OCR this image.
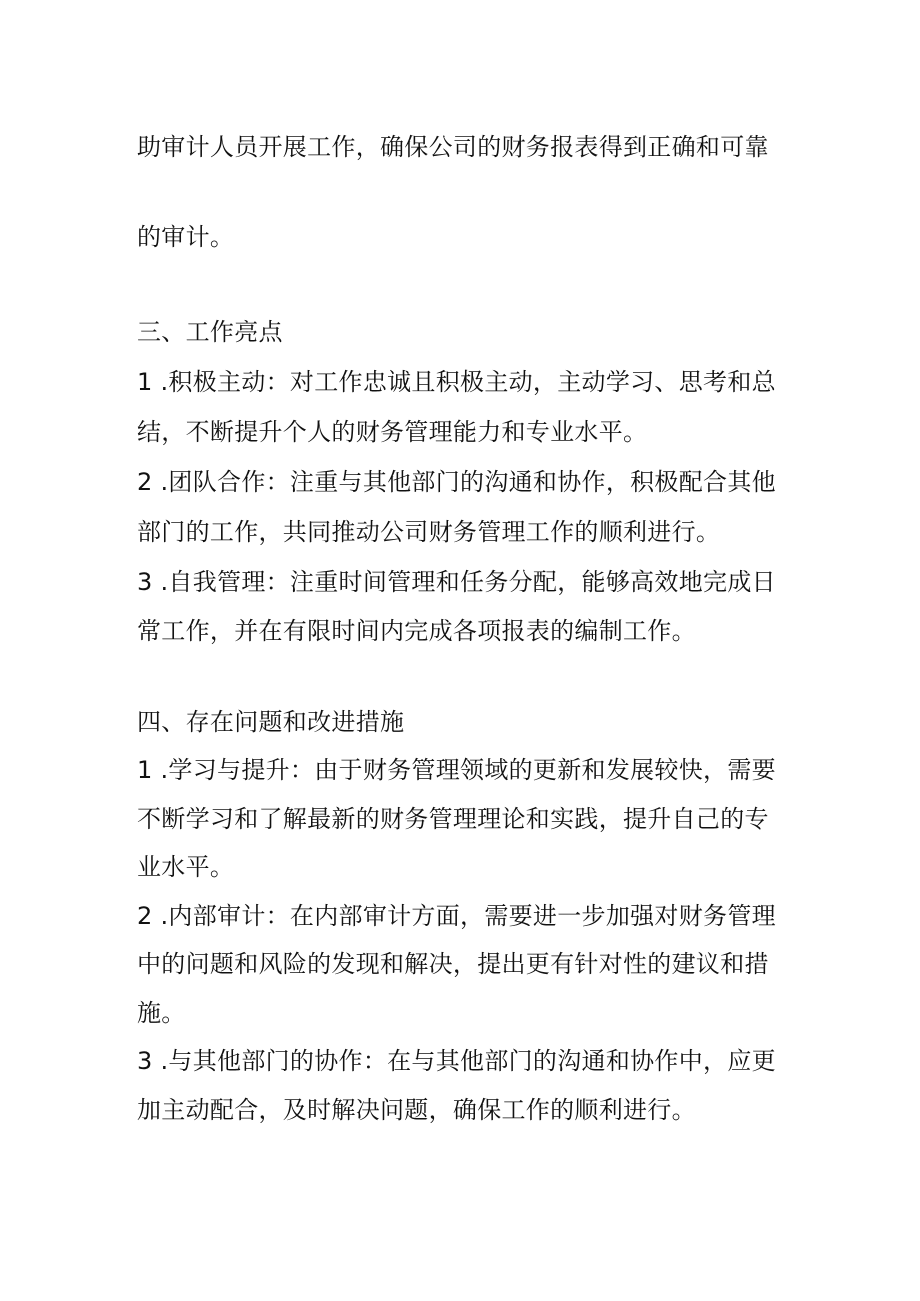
助审计人员开展工作，确保公司的财务报表得到正确和可靠
的审计。
三、工作亮点
1 .积极主动：对工作忠诚且积极主动，主动学习、思考和总
结，不断提升个人的财务管理能力和专业水平。
2 .团队合作：注重与其他部门的沟通和协作，积极配合其他
部门的工作，共同推动公司财务管理工作的顺利进行。
3 .自我管理：注重时间管理和任务分配，能够高效地完成日
常工作，并在有限时间内完成各项报表的编制工作。
四、存在问题和改进措施
1 .学习与提升：由于财务管理领域的更新和发展较快，需要
不断学习和了解最新的财务管理理论和实践，提升自己的专
业水平。
2 .内部审计：在内部审计方面，需要进一步加强对财务管理
中的问题和风险的发现和解决，提出更有针对性的建议和措
施。
3 .与其他部门的协作：在与其他部门的沟通和协作中，应更
加主动配合，及时解决问题，确保工作的顺利进行。
